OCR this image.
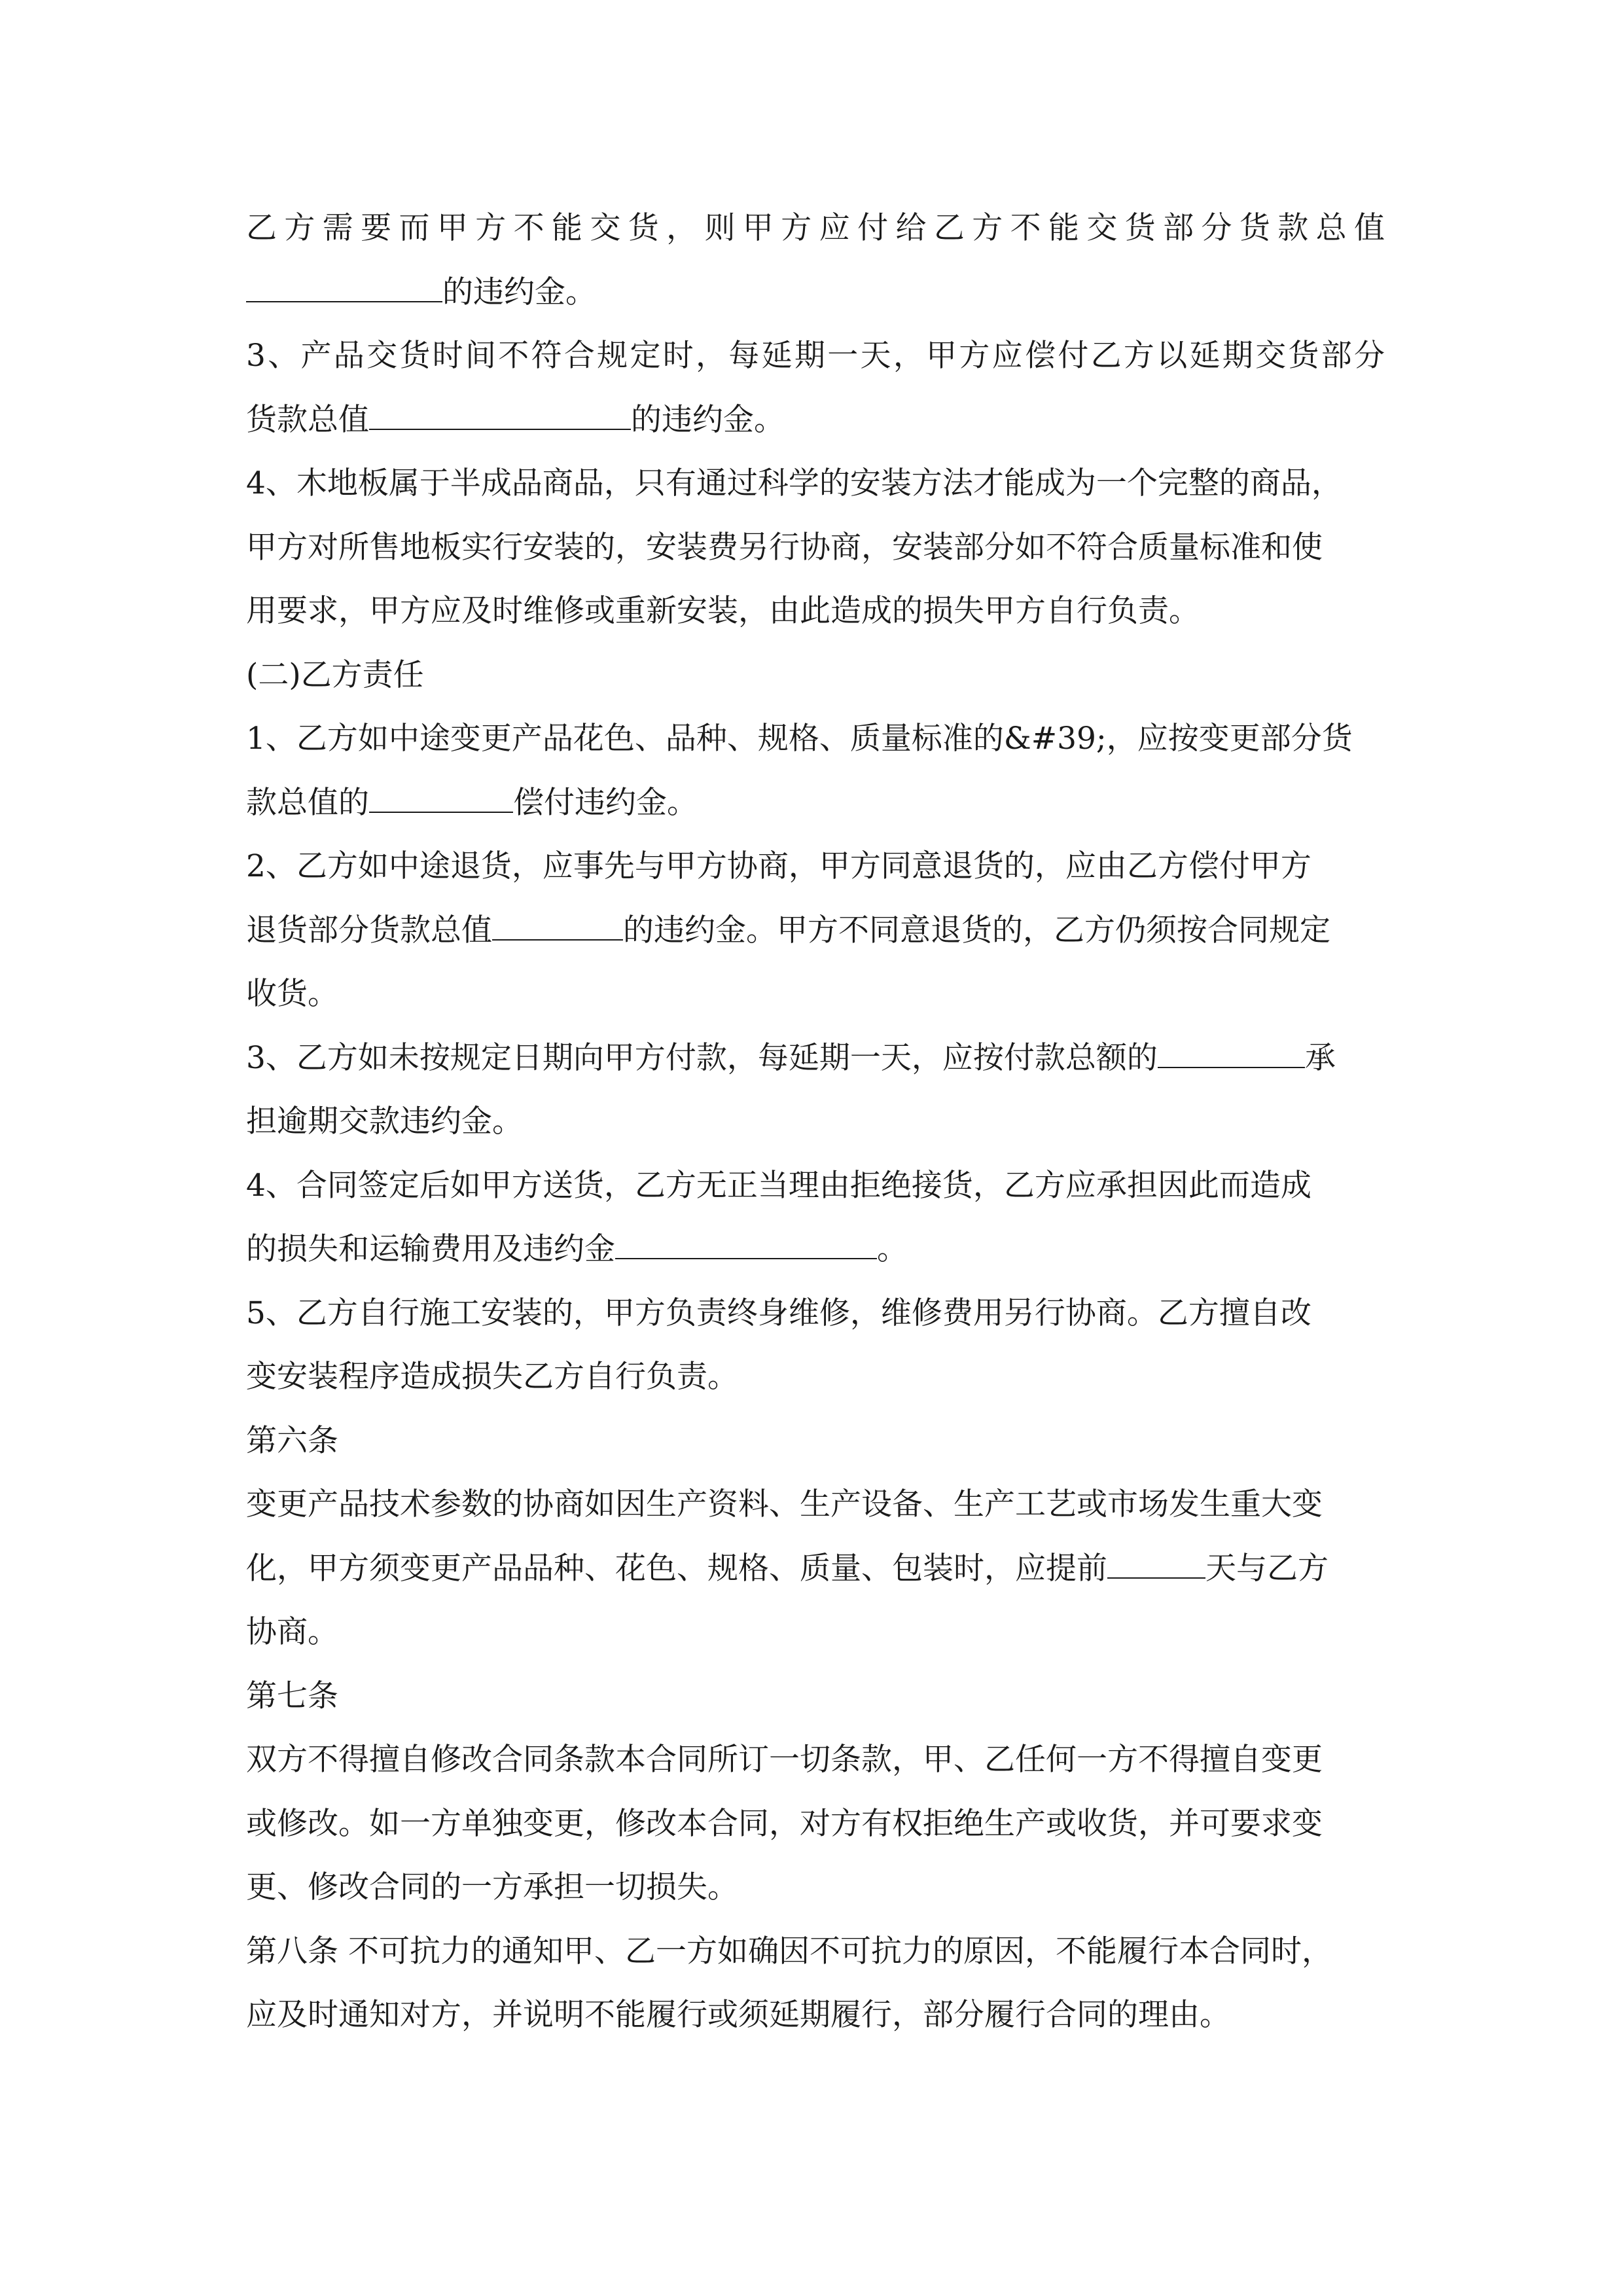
乙方需要而甲方不能交货，则甲方应付给乙方不能交货部分货款总值
的违约金。
3、产品交货时间不符合规定时，每延期一天，甲方应偿付乙方以延期交货部分
货款总值	的违约金。
4、木地板属于半成品商品，只有通过科学的安装方法才能成为一个完整的商品，
甲方对所售地板实行安装的，安装费另行协商，安装部分如不符合质量标准和使
用要求，甲方应及时维修或重新安装，由此造成的损失甲方自行负责。
(二)乙方责任
1、乙方如中途变更产品花色、品种、规格、质量标准的&#39;，应按变更部分货
款总值的	偿付违约金。
2、乙方如中途退货，应事先与甲方协商，甲方同意退货的，应由乙方偿付甲方
退货部分货款总值	的违约金。甲方不同意退货的，乙方仍须按合同规定
收货。
3、乙方如未按规定日期向甲方付款，每延期一天，应按付款总额的	承
担逾期交款违约金。
4、合同签定后如甲方送货，乙方无正当理由拒绝接货，乙方应承担因此而造成
的损失和运输费用及违约金	。
5、乙方自行施工安装的，甲方负责终身维修，维修费用另行协商。乙方擅自改
变安装程序造成损失乙方自行负责。
第六条
变更产品技术参数的协商如因生产资料、生产设备、生产工艺或市场发生重大变
化，甲方须变更产品品种、花色、规格、质量、包装时，应提前	天与乙方
协商。
第七条
双方不得擅自修改合同条款本合同所订一切条款，甲、乙任何一方不得擅自变更
或修改。如一方单独变更，修改本合同，对方有权拒绝生产或收货，并可要求变
更、修改合同的一方承担一切损失。
第八条 不可抗力的通知甲、乙一方如确因不可抗力的原因，不能履行本合同时，
应及时通知对方，并说明不能履行或须延期履行，部分履行合同的理由。
